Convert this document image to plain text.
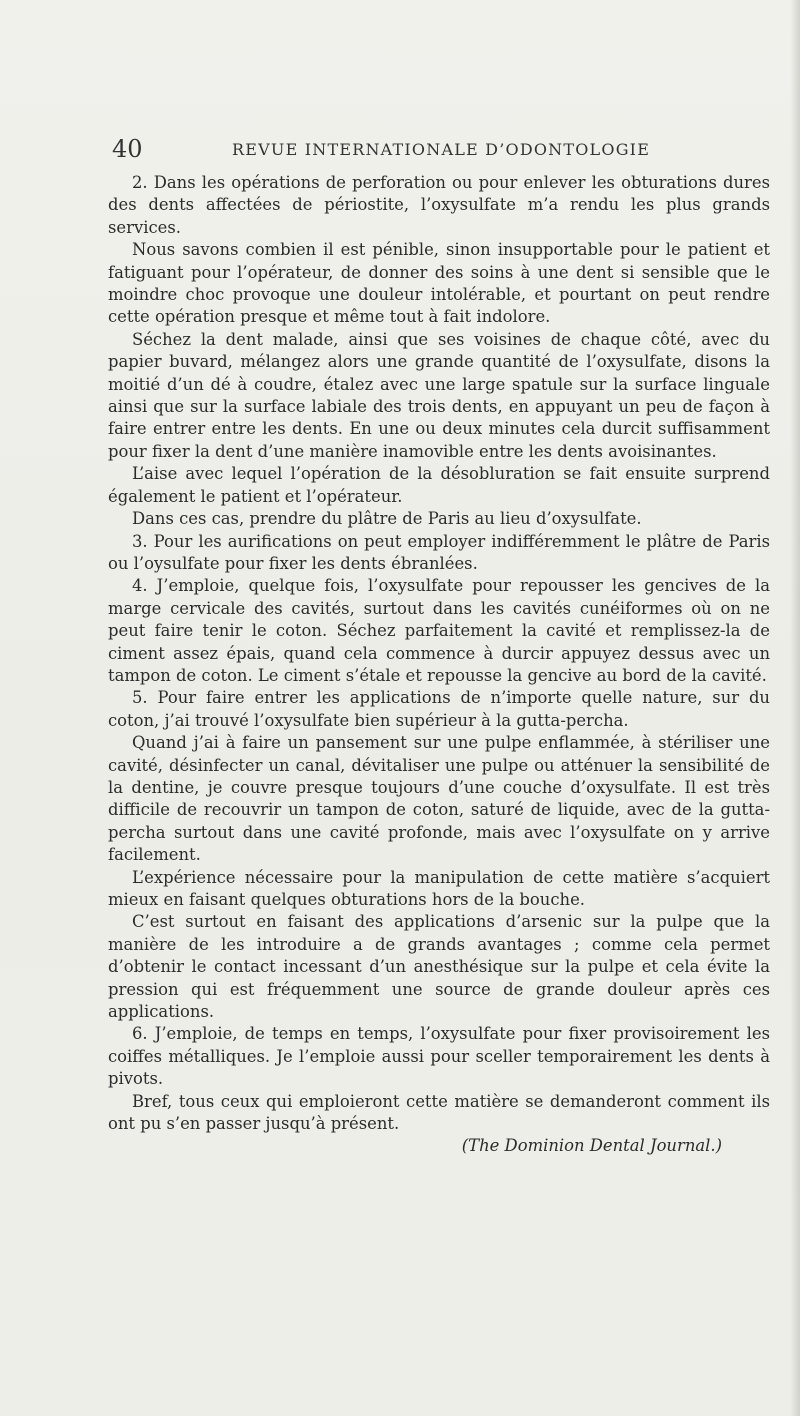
40	REVUE INTERNATIONALE D’ODONTOLOGIE

2. Dans les opérations de perforation ou pour enlever les obturations dures des dents affectées de périostite, l’oxysulfate m’a rendu les plus grands services.

Nous savons combien il est pénible, sinon insupportable pour le patient et fatiguant pour l’opérateur, de donner des soins à une dent si sensible que le moindre choc provoque une douleur intolérable, et pourtant on peut rendre cette opération presque et même tout à fait indolore.

Séchez la dent malade, ainsi que ses voisines de chaque côté, avec du papier buvard, mélangez alors une grande quantité de l’oxysulfate, disons la moitié d’un dé à coudre, étalez avec une large spatule sur la surface linguale ainsi que sur la surface labiale des trois dents, en appuyant un peu de façon à faire entrer entre les dents. En une ou deux minutes cela durcit suffisamment pour fixer la dent d’une manière inamovible entre les dents avoisinantes.

L’aise avec lequel l’opération de la désobluration se fait ensuite surprend également le patient et l’opérateur.

Dans ces cas, prendre du plâtre de Paris au lieu d’oxysulfate.

3. Pour les aurifications on peut employer indifféremment le plâtre de Paris ou l’oysulfate pour fixer les dents ébranlées.

4. J’emploie, quelque fois, l’oxysulfate pour repousser les gencives de la marge cervicale des cavités, surtout dans les cavités cunéiformes où on ne peut faire tenir le coton. Séchez parfaitement la cavité et remplissez-la de ciment assez épais, quand cela commence à durcir appuyez dessus avec un tampon de coton. Le ciment s’étale et repousse la gencive au bord de la cavité.

5. Pour faire entrer les applications de n’importe quelle nature, sur du coton, j’ai trouvé l’oxysulfate bien supérieur à la gutta-percha.

Quand j’ai à faire un pansement sur une pulpe enflammée, à stériliser une cavité, désinfecter un canal, dévitaliser une pulpe ou atténuer la sensibilité de la dentine, je couvre presque toujours d’une couche d’oxysulfate. Il est très difficile de recouvrir un tampon de coton, saturé de liquide, avec de la gutta-percha surtout dans une cavité profonde, mais avec l’oxysulfate on y arrive facilement.

L’expérience nécessaire pour la manipulation de cette matière s’acquiert mieux en faisant quelques obturations hors de la bouche.

C’est surtout en faisant des applications d’arsenic sur la pulpe que la manière de les introduire a de grands avantages ; comme cela permet d’obtenir le contact incessant d’un anesthésique sur la pulpe et cela évite la pression qui est fréquemment une source de grande douleur après ces applications.

6. J’emploie, de temps en temps, l’oxysulfate pour fixer provisoirement les coiffes métalliques. Je l’emploie aussi pour sceller temporairement les dents à pivots.

Bref, tous ceux qui emploieront cette matière se demanderont comment ils ont pu s’en passer jusqu’à présent.

(The Dominion Dental Journal.)
